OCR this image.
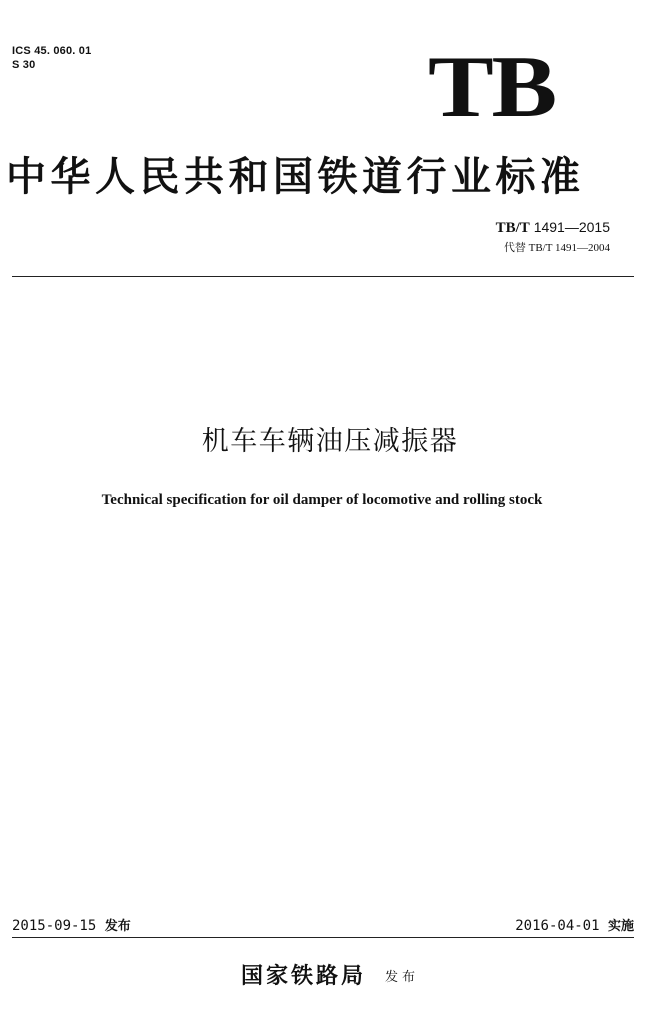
ICS 45. 060. 01
S 30	TB
中华人民共和国铁道行业标准
TB/T 1491—2015
代替 TB/T 1491—2004
机车车辆油压减振器
Technical specification for oil damper of locomotive and rolling stock
2015-09-15 发布	2016-04-01 实施
国家铁路局 发布
